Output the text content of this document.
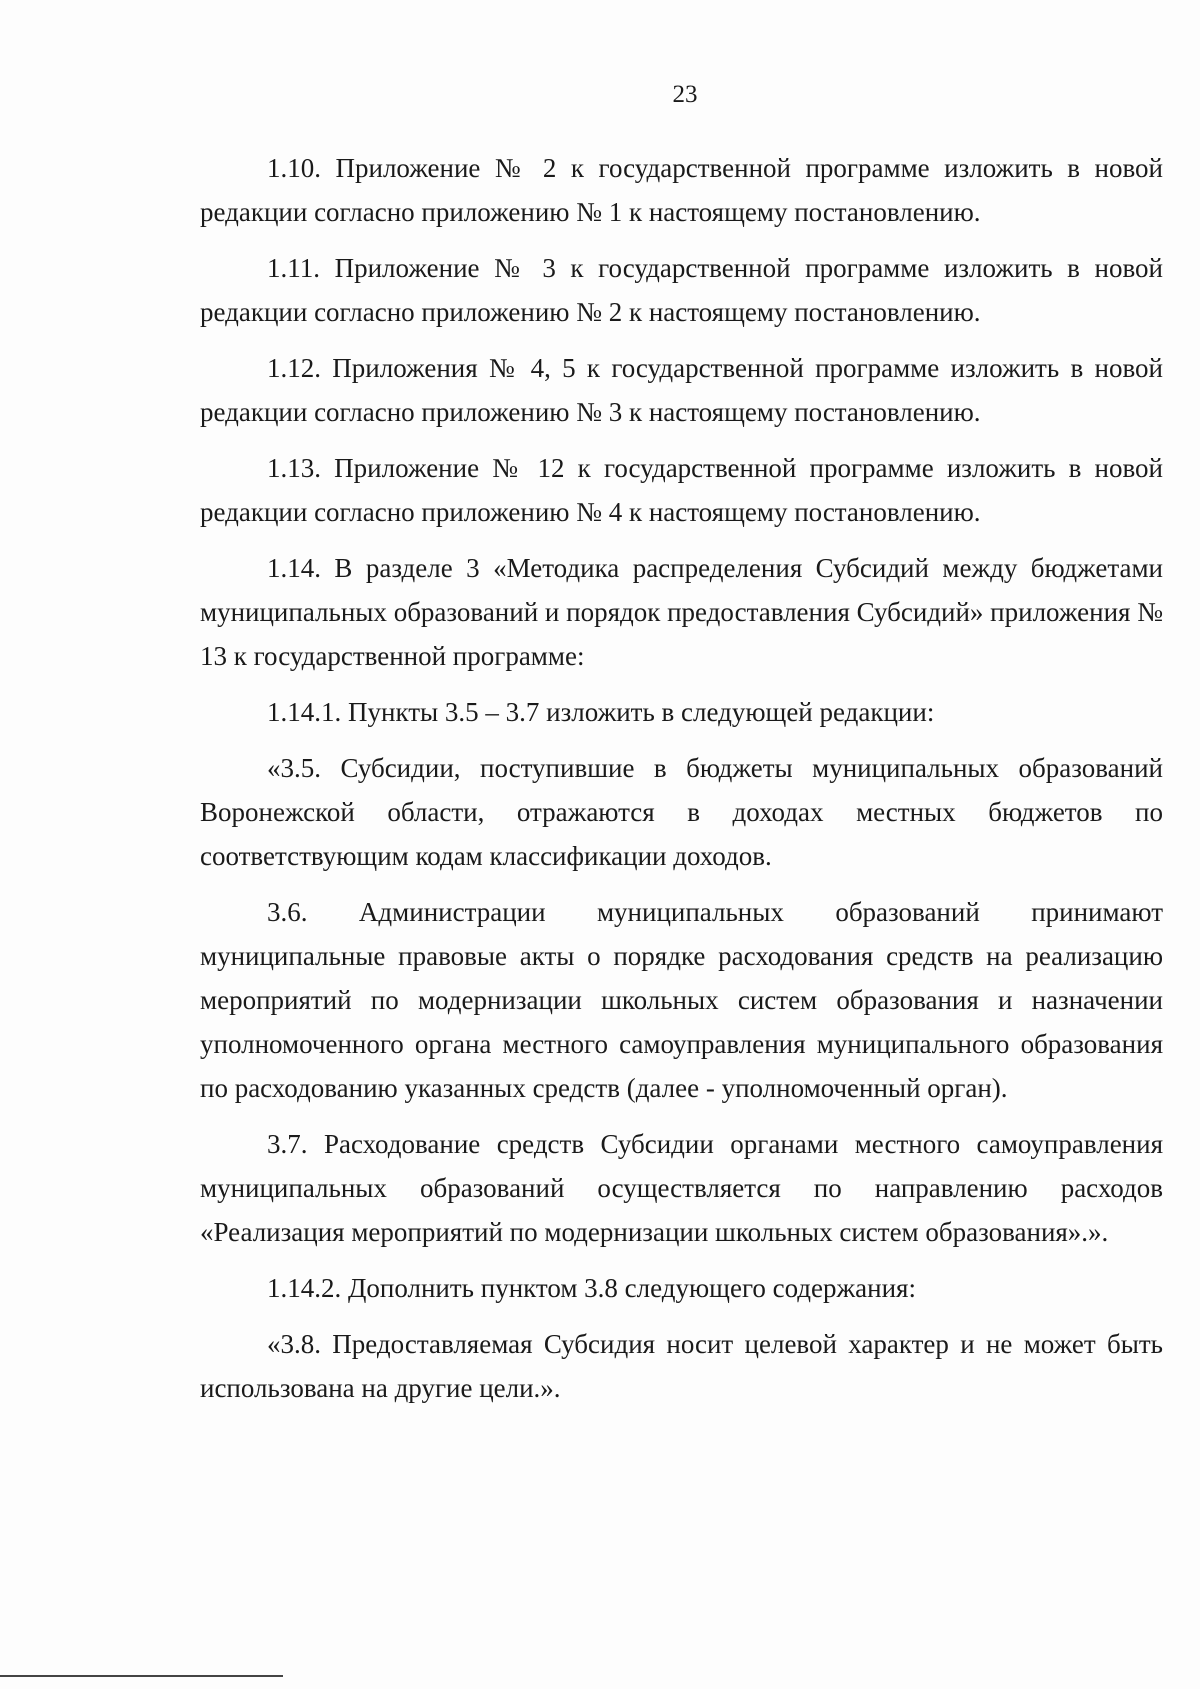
23

1.10. Приложение № 2 к государственной программе изложить в новой редакции согласно приложению № 1 к настоящему постановлению.

1.11. Приложение № 3 к государственной программе изложить в новой редакции согласно приложению № 2 к настоящему постановлению.

1.12. Приложения № 4, 5 к государственной программе изложить в новой редакции согласно приложению № 3 к настоящему постановлению.

1.13. Приложение № 12 к государственной программе изложить в новой редакции согласно приложению № 4 к настоящему постановлению.

1.14. В разделе 3 «Методика распределения Субсидий между бюджетами муниципальных образований и порядок предоставления Субсидий» приложения № 13 к государственной программе:

1.14.1. Пункты 3.5 – 3.7 изложить в следующей редакции:

«3.5. Субсидии, поступившие в бюджеты муниципальных образований Воронежской области, отражаются в доходах местных бюджетов по соответствующим кодам классификации доходов.

3.6. Администрации муниципальных образований принимают муниципальные правовые акты о порядке расходования средств на реализацию мероприятий по модернизации школьных систем образования и назначении уполномоченного органа местного самоуправления муниципального образования по расходованию указанных средств (далее - уполномоченный орган).

3.7. Расходование средств Субсидии органами местного самоуправления муниципальных образований осуществляется по направлению расходов «Реализация мероприятий по модернизации школьных систем образования».».

1.14.2. Дополнить пунктом 3.8 следующего содержания:

«3.8. Предоставляемая Субсидия носит целевой характер и не может быть использована на другие цели.».
